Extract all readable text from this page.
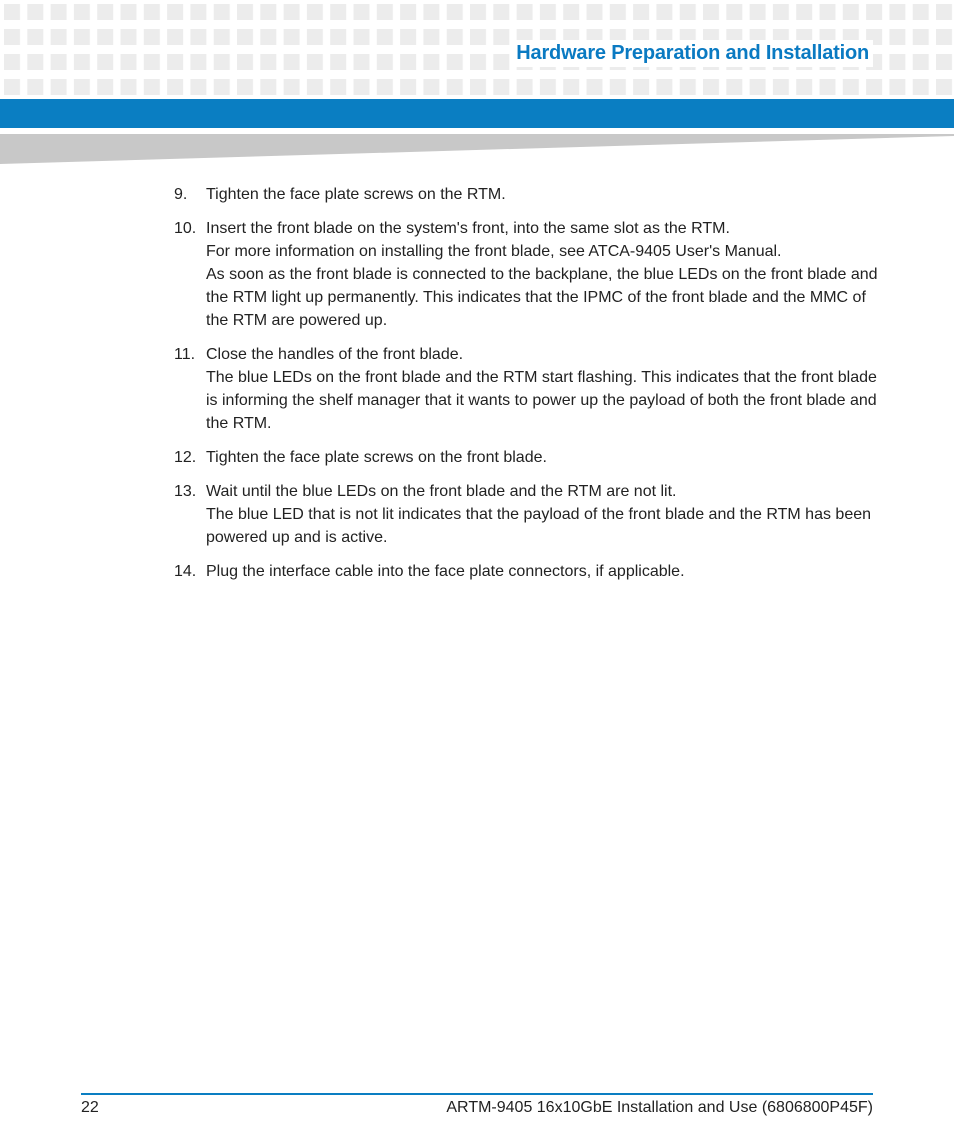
Hardware Preparation and Installation
9.	Tighten the face plate screws on the RTM.
10. Insert the front blade on the system's front, into the same slot as the RTM.
For more information on installing the front blade, see ATCA-9405 User's Manual.
As soon as the front blade is connected to the backplane, the blue LEDs on the front blade and the RTM light up permanently. This indicates that the IPMC of the front blade and the MMC of the RTM are powered up.
11. Close the handles of the front blade.
The blue LEDs on the front blade and the RTM start flashing. This indicates that the front blade is informing the shelf manager that it wants to power up the payload of both the front blade and the RTM.
12. Tighten the face plate screws on the front blade.
13. Wait until the blue LEDs on the front blade and the RTM are not lit.
The blue LED that is not lit indicates that the payload of the front blade and the RTM has been powered up and is active.
14. Plug the interface cable into the face plate connectors, if applicable.
22	ARTM-9405 16x10GbE Installation and Use (6806800P45F)
